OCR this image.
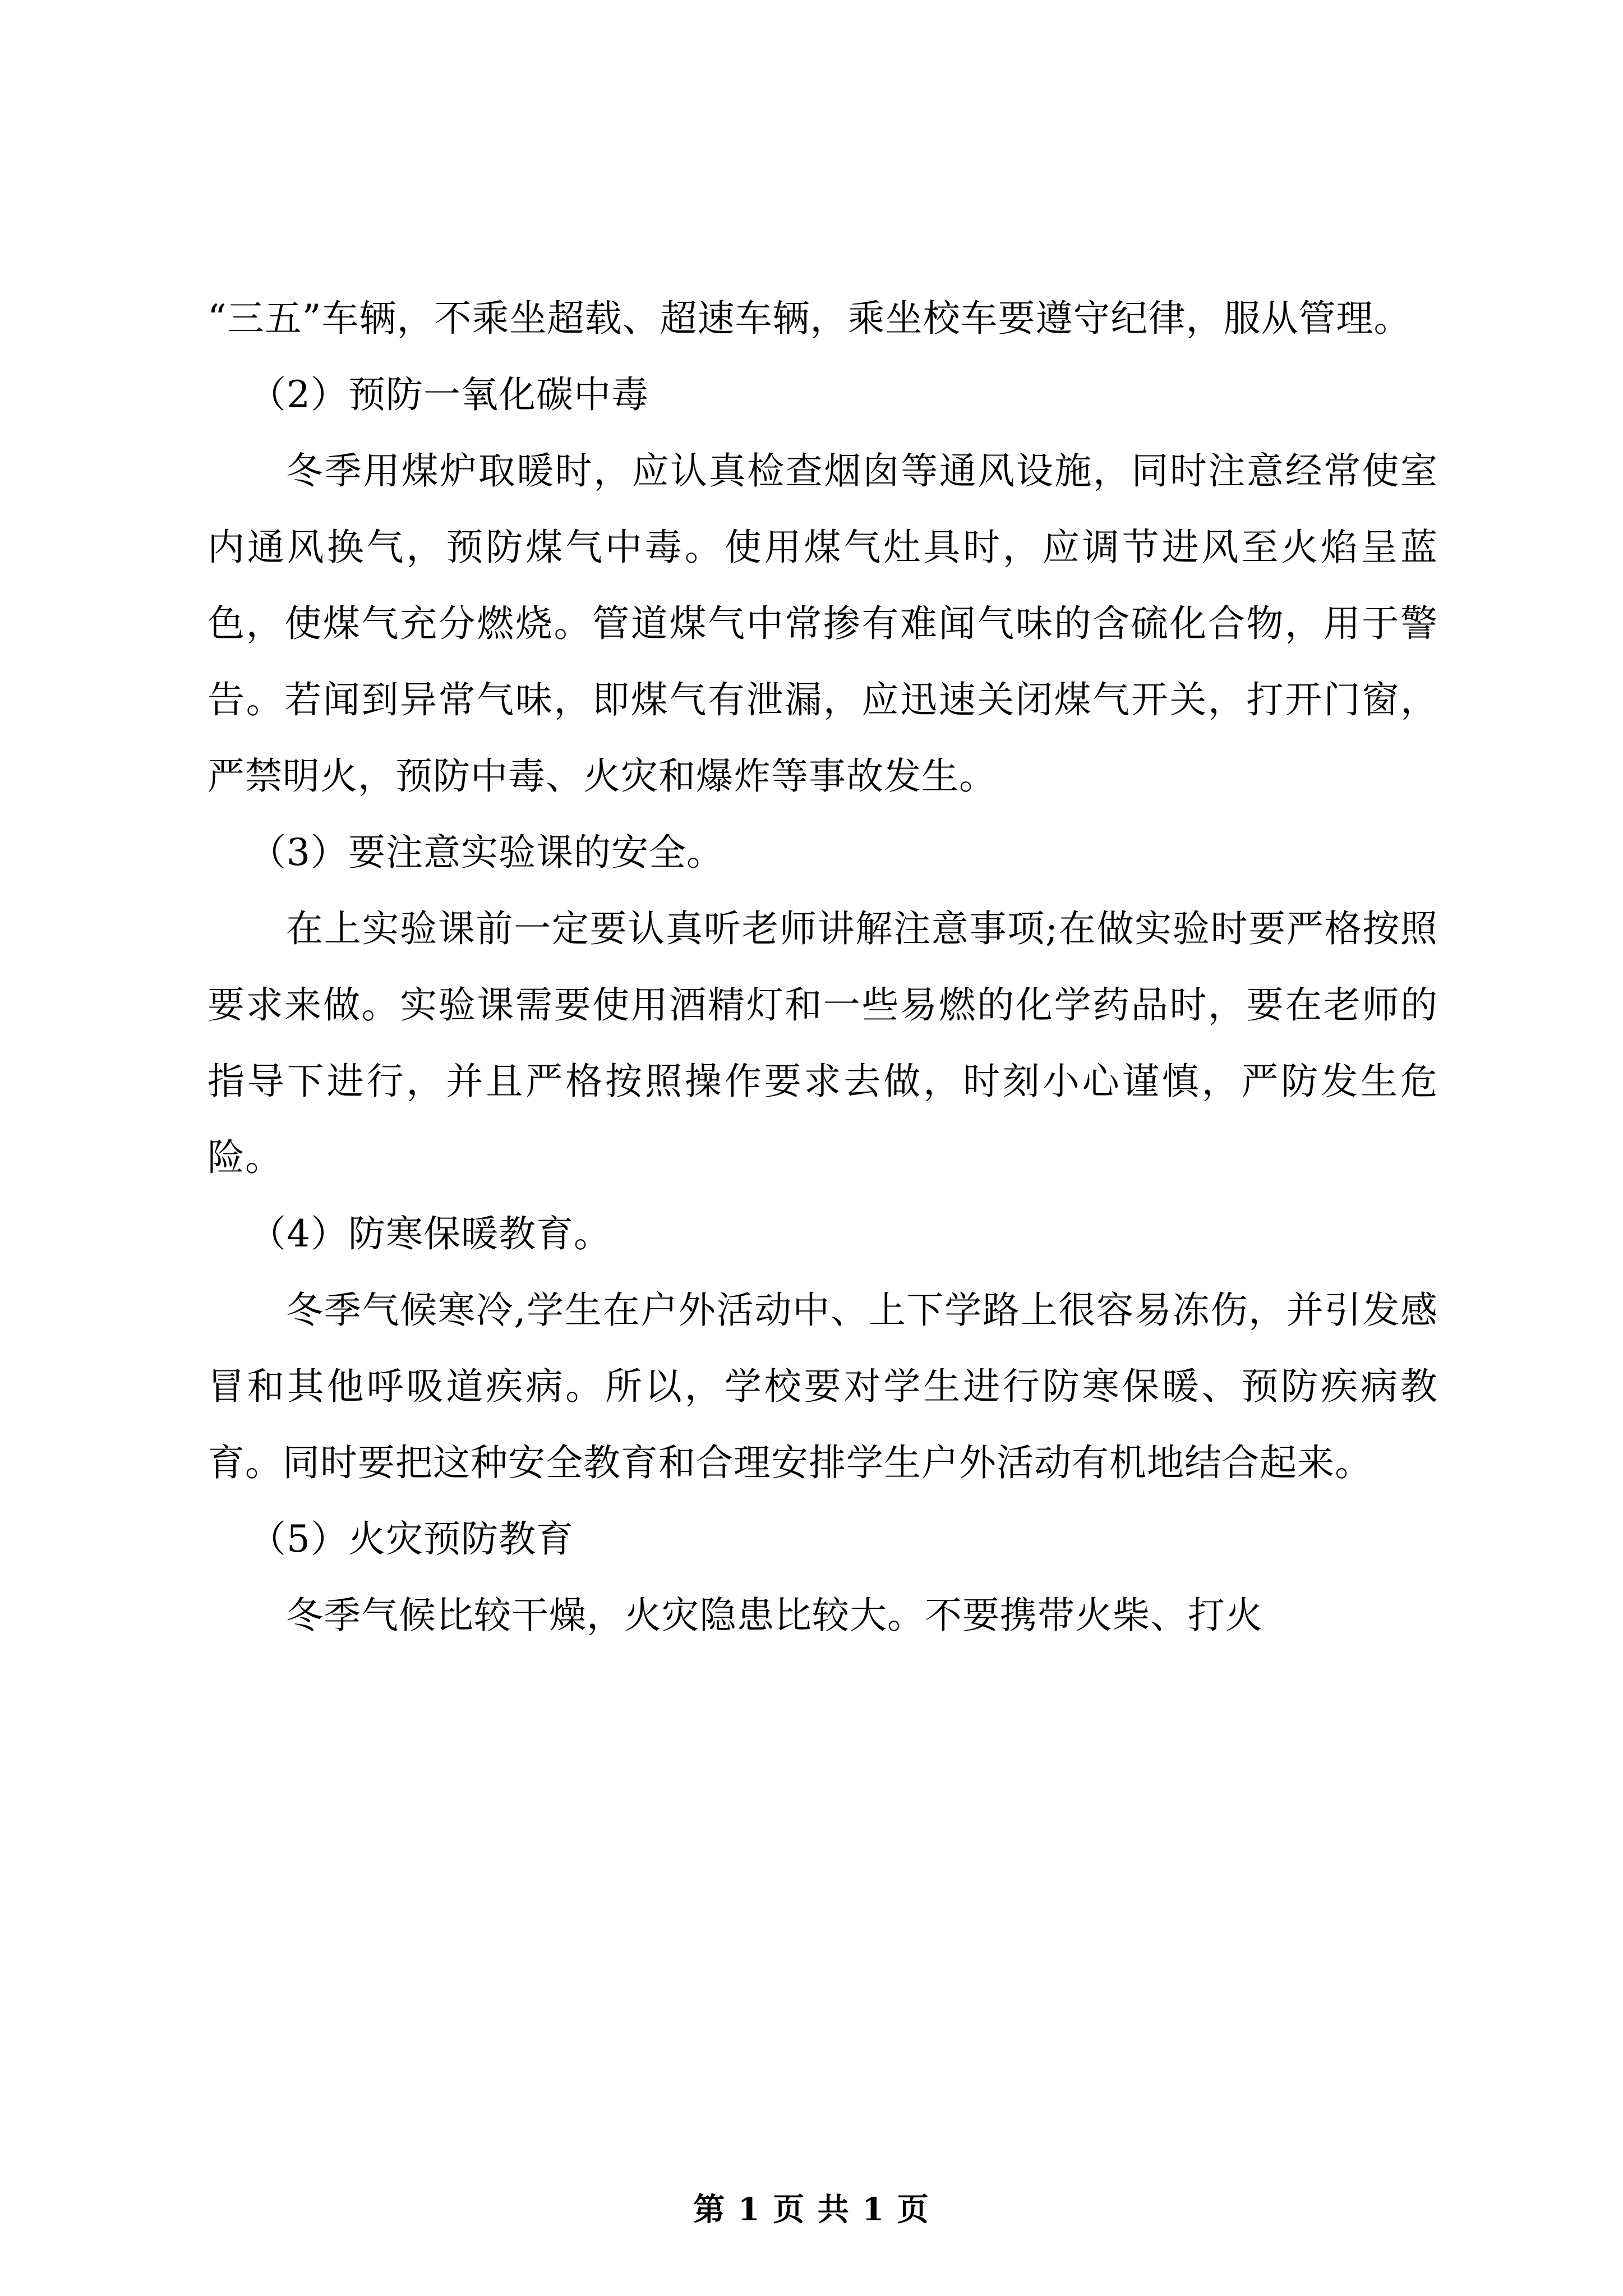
“三五”车辆，不乘坐超载、超速车辆，乘坐校车要遵守纪律，服从管理。

（2）预防一氧化碳中毒

冬季用煤炉取暖时，应认真检查烟囱等通风设施，同时注意经常使室内通风换气，预防煤气中毒。使用煤气灶具时，应调节进风至火焰呈蓝色，使煤气充分燃烧。管道煤气中常掺有难闻气味的含硫化合物，用于警告。若闻到异常气味，即煤气有泄漏，应迅速关闭煤气开关，打开门窗，严禁明火，预防中毒、火灾和爆炸等事故发生。

（3）要注意实验课的安全。

在上实验课前一定要认真听老师讲解注意事项;在做实验时要严格按照要求来做。实验课需要使用酒精灯和一些易燃的化学药品时，要在老师的指导下进行，并且严格按照操作要求去做，时刻小心谨慎，严防发生危险。

（4）防寒保暖教育。

冬季气候寒冷,学生在户外活动中、上下学路上很容易冻伤，并引发感冒和其他呼吸道疾病。所以，学校要对学生进行防寒保暖、预防疾病教育。同时要把这种安全教育和合理安排学生户外活动有机地结合起来。

（5）火灾预防教育

冬季气候比较干燥，火灾隐患比较大。不要携带火柴、打火

第 1 页 共 1 页
